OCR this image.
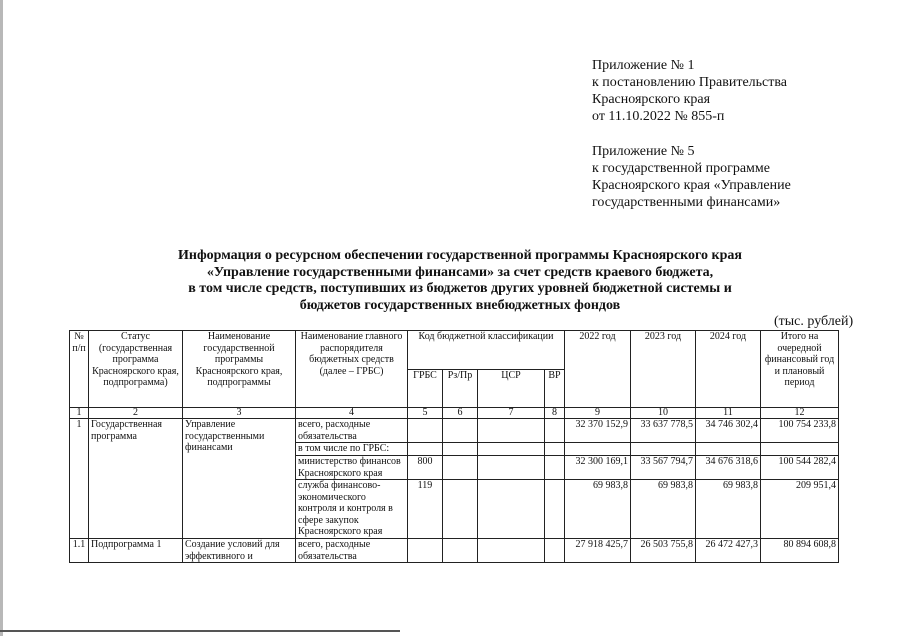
Приложение № 1
к постановлению Правительства
Красноярского края
от 11.10.2022 № 855-п
Приложение № 5
к государственной программе
Красноярского края «Управление
государственными финансами»
Информация о ресурсном обеспечении государственной программы Красноярского края
«Управление государственными финансами» за счет средств краевого бюджета,
в том числе средств, поступивших из бюджетов других уровней бюджетной системы и
бюджетов государственных внебюджетных фондов
(тыс. рублей)
№ п/п	Статус (государственная программа Красноярского края, подпрограмма)	Наименование государственной программы Красноярского края, подпрограммы	Наименование главного распорядителя бюджетных средств (далее – ГРБС)	Код бюджетной классификации				2022 год	2023 год	2024 год	Итого на очередной финансовый год и плановый период
				ГРБС	Рз/Пр	ЦСР	ВР				
1	2	3	4	5	6	7	8	9	10	11	12
1	Государственная программа	Управление государственными финансами	всего, расходные обязательства					32 370 152,9	33 637 778,5	34 746 302,4	100 754 233,8
			в том числе по ГРБС:								
			министерство финансов Красноярского края	800				32 300 169,1	33 567 794,7	34 676 318,6	100 544 282,4
			служба финансово-экономического контроля и контроля в сфере закупок Красноярского края	119				69 983,8	69 983,8	69 983,8	209 951,4
1.1	Подпрограмма 1	Создание условий для эффективного и	всего, расходные обязательства					27 918 425,7	26 503 755,8	26 472 427,3	80 894 608,8
